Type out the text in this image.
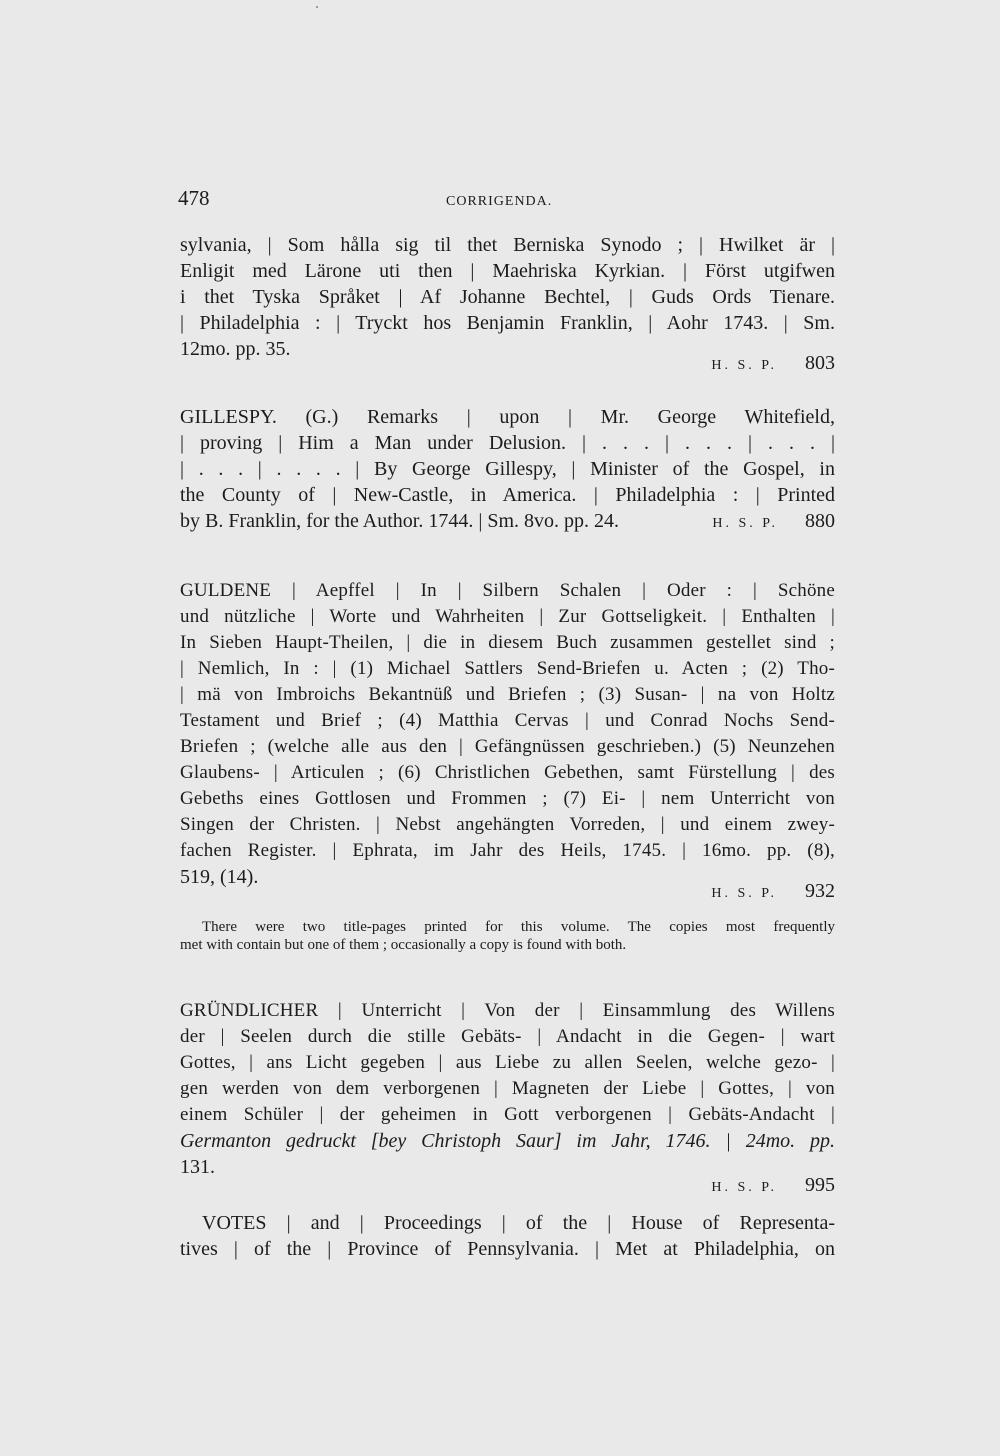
478	CORRIGENDA.
sylvania, | Som hålla sig til thet Berniska Synodo ; | Hwilket är |
Enligit med Lärone uti then | Maehriska Kyrkian. | Först utgifwen
i thet Tyska Språket | Af Johanne Bechtel, | Guds Ords Tienare.
| Philadelphia : | Tryckt hos Benjamin Franklin, | Aohr 1743. | Sm.
12mo. pp. 35.
H. S. P. 803
GILLESPY. (G.) Remarks | upon | Mr. George Whitefield,
| proving | Him a Man under Delusion. | . . . | . . . | . . . |
| . . . | . . . . | By George Gillespy, | Minister of the Gospel, in
the County of | New-Castle, in America. | Philadelphia : | Printed
by B. Franklin, for the Author. 1744. | Sm. 8vo. pp. 24.	H. S. P. 880
GULDENE | Aepffel | In | Silbern Schalen | Oder : | Schöne
und nützliche | Worte und Wahrheiten | Zur Gottseligkeit. | Enthalten |
In Sieben Haupt-Theilen, | die in diesem Buch zusammen gestellet sind ;
| Nemlich, In : | (1) Michael Sattlers Send-Briefen u. Acten ; (2) Tho-
| mä von Imbroichs Bekantnüß und Briefen ; (3) Susan- | na von Holtz
Testament und Brief ; (4) Matthia Cervas | und Conrad Nochs Send-
Briefen ; (welche alle aus den | Gefängnüssen geschrieben.) (5) Neunzehen
Glaubens- | Articulen ; (6) Christlichen Gebethen, samt Fürstellung | des
Gebeths eines Gottlosen und Frommen ; (7) Ei- | nem Unterricht von
Singen der Christen. | Nebst angehängten Vorreden, | und einem zwey-
fachen Register. | Ephrata, im Jahr des Heils, 1745. | 16mo. pp. (8),
519, (14).
H. S. P. 932
There were two title-pages printed for this volume. The copies most frequently
met with contain but one of them ; occasionally a copy is found with both.
GRÜNDLICHER | Unterricht | Von der | Einsammlung des Willens
der | Seelen durch die stille Gebäts- | Andacht in die Gegen- | wart
Gottes, | ans Licht gegeben | aus Liebe zu allen Seelen, welche gezo- |
gen werden von dem verborgenen | Magneten der Liebe | Gottes, | von
einem Schüler | der geheimen in Gott verborgenen | Gebäts-Andacht |
Germanton gedruckt [bey Christoph Saur] im Jahr, 1746. | 24mo. pp.
131.
H. S. P. 995
VOTES | and | Proceedings | of the | House of Representa-
tives | of the | Province of Pennsylvania. | Met at Philadelphia, on
